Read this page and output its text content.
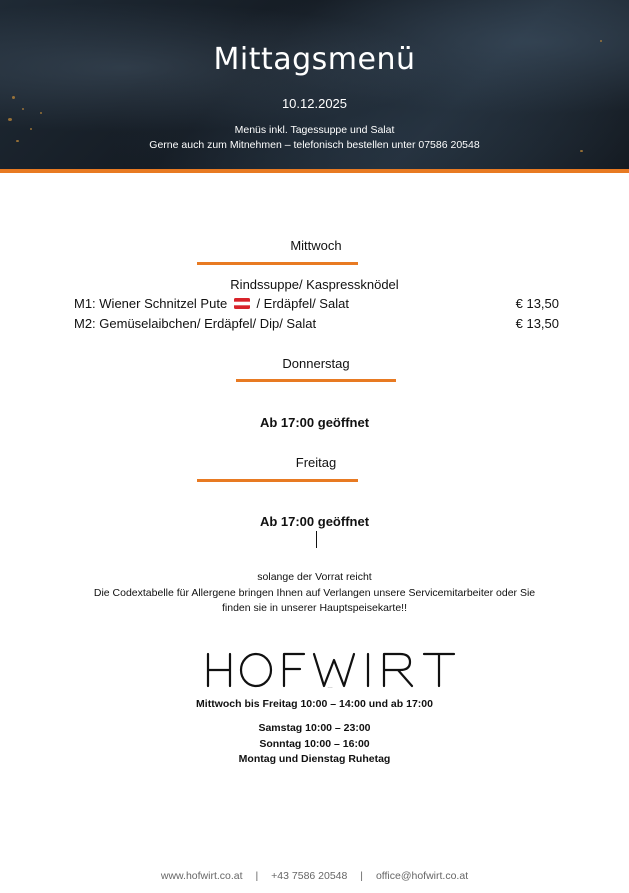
Mittagsmenü
10.12.2025
Menüs inkl. Tagessuppe und Salat
Gerne auch zum Mitnehmen – telefonisch bestellen unter 07586 20548
Mittwoch
Rindssuppe/ Kaspressknödel
M1: Wiener Schnitzel Pute / Erdäpfel/ Salat	€ 13,50
M2: Gemüselaibchen/ Erdäpfel/ Dip/ Salat	€ 13,50
Donnerstag
Ab 17:00 geöffnet
Freitag
Ab 17:00 geöffnet
solange der Vorrat reicht
Die Codextabelle für Allergene bringen Ihnen auf Verlangen unsere Servicemitarbeiter oder Sie
finden sie in unserer Hauptspeisekarte!!
HOFWIRT
Mittwoch bis Freitag 10:00 – 14:00 und ab 17:00
Samstag 10:00 – 23:00
Sonntag 10:00 – 16:00
Montag und Dienstag Ruhetag
www.hofwirt.co.at | +43 7586 20548 | office@hofwirt.co.at
